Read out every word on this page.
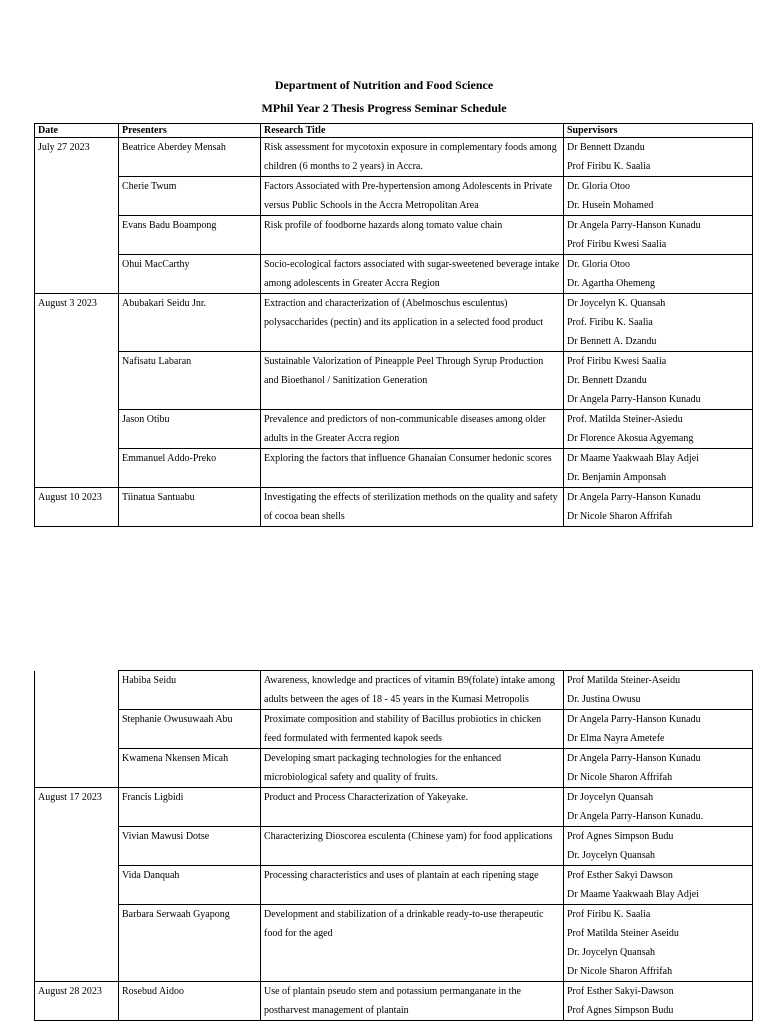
Department of Nutrition and Food Science
MPhil Year 2 Thesis Progress Seminar Schedule
Date	Presenters	Research Title	Supervisors
July 27 2023	Beatrice Aberdey Mensah	Risk assessment for mycotoxin exposure in complementary foods among children (6 months to 2 years) in Accra.	Dr Bennett Dzandu
Prof Firibu K. Saalia

	Cherie Twum	Factors Associated with Pre-hypertension among Adolescents in Private versus Public Schools in the Accra Metropolitan Area	Dr. Gloria Otoo
Dr. Husein Mohamed

	Evans Badu Boampong	Risk profile of foodborne hazards along tomato value chain	Dr Angela Parry-Hanson Kunadu
Prof Firibu Kwesi Saalia

	Ohui MacCarthy	Socio-ecological factors associated with sugar-sweetened beverage intake among adolescents in Greater Accra Region	Dr. Gloria Otoo
Dr. Agartha Ohemeng

August 3 2023	Abubakari Seidu Jnr.	Extraction and characterization of (Abelmoschus esculentus) polysaccharides (pectin) and its application in a selected food product	Dr Joycelyn K. Quansah
Prof. Firibu K. Saalia
Dr Bennett A. Dzandu

	Nafisatu Labaran	Sustainable Valorization of Pineapple Peel Through Syrup Production and Bioethanol / Sanitization Generation	Prof Firibu Kwesi Saalia
Dr. Bennett Dzandu
Dr Angela Parry-Hanson Kunadu

	Jason Otibu	Prevalence and predictors of non-communicable diseases among older adults in the Greater Accra region	Prof. Matilda Steiner-Asiedu
Dr Florence Akosua Agyemang

	Emmanuel Addo-Preko	Exploring the factors that influence Ghanaian Consumer hedonic scores	Dr Maame Yaakwaah Blay Adjei
Dr. Benjamin Amponsah

August 10 2023	Tiinatua Santuabu	Investigating the effects of sterilization methods on the quality and safety of cocoa bean shells	Dr Angela Parry-Hanson Kunadu
Dr Nicole Sharon Affrifah
	Habiba Seidu	Awareness, knowledge and practices of vitamin B9(folate) intake among adults between the ages of 18 - 45 years in the Kumasi Metropolis	Prof Matilda Steiner-Aseidu
Dr. Justina Owusu

	Stephanie Owusuwaah Abu	Proximate composition and stability of Bacillus probiotics in chicken feed formulated with fermented kapok seeds	Dr Angela Parry-Hanson Kunadu
Dr Elma Nayra Ametefe

	Kwamena Nkensen Micah	Developing smart packaging technologies for the enhanced microbiological safety and quality of fruits.	Dr Angela Parry-Hanson Kunadu
Dr Nicole Sharon Affrifah

August 17 2023	Francis Ligbidi	Product and Process Characterization of Yakeyake.	Dr Joycelyn Quansah
Dr Angela Parry-Hanson Kunadu.

	Vivian Mawusi Dotse	Characterizing Dioscorea esculenta (Chinese yam) for food applications	Prof Agnes Simpson Budu
Dr. Joycelyn Quansah

	Vida Danquah	Processing characteristics and uses of plantain at each ripening stage	Prof Esther Sakyi Dawson
Dr Maame Yaakwaah Blay Adjei

	Barbara Serwaah Gyapong	Development and stabilization of a drinkable ready-to-use therapeutic food for the aged	Prof Firibu K. Saalia
Prof Matilda Steiner Aseidu
Dr. Joycelyn Quansah
Dr Nicole Sharon Affrifah

August 28 2023	Rosebud Aidoo	Use of plantain pseudo stem and potassium permanganate in the postharvest management of plantain	Prof Esther Sakyi-Dawson
Prof Agnes Simpson Budu
